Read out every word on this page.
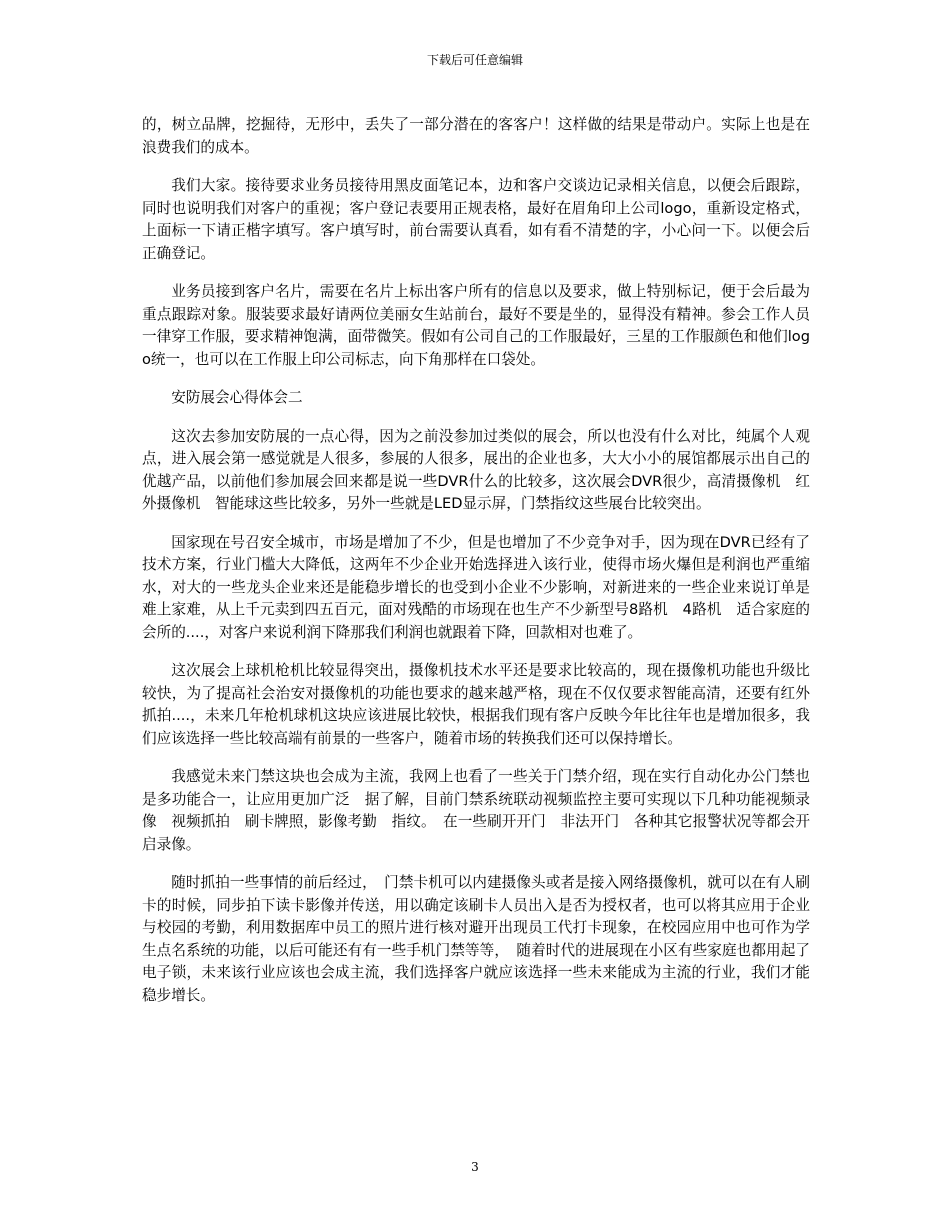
下载后可任意编辑

的，树立品牌，挖掘待，无形中，丢失了一部分潜在的客客户！这样做的结果是带动户。实际上也是在浪费我们的成本。

我们大家。接待要求业务员接待用黑皮面笔记本，边和客户交谈边记录相关信息，以便会后跟踪，同时也说明我们对客户的重视；客户登记表要用正规表格，最好在眉角印上公司logo，重新设定格式，上面标一下请正楷字填写。客户填写时，前台需要认真看，如有看不清楚的字，小心问一下。以便会后正确登记。

业务员接到客户名片，需要在名片上标出客户所有的信息以及要求，做上特别标记，便于会后最为重点跟踪对象。服装要求最好请两位美丽女生站前台，最好不要是坐的，显得没有精神。参会工作人员一律穿工作服，要求精神饱满，面带微笑。假如有公司自己的工作服最好，三星的工作服颜色和他们logo统一，也可以在工作服上印公司标志，向下角那样在口袋处。

安防展会心得体会二

这次去参加安防展的一点心得，因为之前没参加过类似的展会，所以也没有什么对比，纯属个人观点，进入展会第一感觉就是人很多，参展的人很多，展出的企业也多，大大小小的展馆都展示出自己的优越产品，以前他们参加展会回来都是说一些DVR什么的比较多，这次展会DVR很少，高清摄像机　红外摄像机　智能球这些比较多，另外一些就是LED显示屏，门禁指纹这些展台比较突出。

国家现在号召安全城市，市场是增加了不少，但是也增加了不少竞争对手，因为现在DVR已经有了技术方案，行业门槛大大降低，这两年不少企业开始选择进入该行业，使得市场火爆但是利润也严重缩水，对大的一些龙头企业来还是能稳步增长的也受到小企业不少影响，对新进来的一些企业来说订单是难上家难，从上千元卖到四五百元，面对残酷的市场现在也生产不少新型号8路机　4路机　适合家庭的会所的....，对客户来说利润下降那我们利润也就跟着下降，回款相对也难了。

这次展会上球机枪机比较显得突出，摄像机技术水平还是要求比较高的，现在摄像机功能也升级比较快，为了提高社会治安对摄像机的功能也要求的越来越严格，现在不仅仅要求智能高清，还要有红外　抓拍....，未来几年枪机球机这块应该进展比较快，根据我们现有客户反映今年比往年也是增加很多，我们应该选择一些比较高端有前景的一些客户，随着市场的转换我们还可以保持增长。

我感觉未来门禁这块也会成为主流，我网上也看了一些关于门禁介绍，现在实行自动化办公门禁也是多功能合一，让应用更加广泛　据了解，目前门禁系统联动视频监控主要可实现以下几种功能视频录像　视频抓拍　刷卡牌照，影像考勤　指纹。　在一些刷开开门　非法开门　各种其它报警状况等都会开启录像。

随时抓拍一些事情的前后经过，　门禁卡机可以内建摄像头或者是接入网络摄像机，就可以在有人刷卡的时候，同步拍下读卡影像并传送，用以确定该刷卡人员出入是否为授权者，也可以将其应用于企业与校园的考勤，利用数据库中员工的照片进行核对避开出现员工代打卡现象，在校园应用中也可作为学生点名系统的功能，以后可能还有有一些手机门禁等等，　随着时代的进展现在小区有些家庭也都用起了电子锁，未来该行业应该也会成主流，我们选择客户就应该选择一些未来能成为主流的行业，我们才能稳步增长。

3
